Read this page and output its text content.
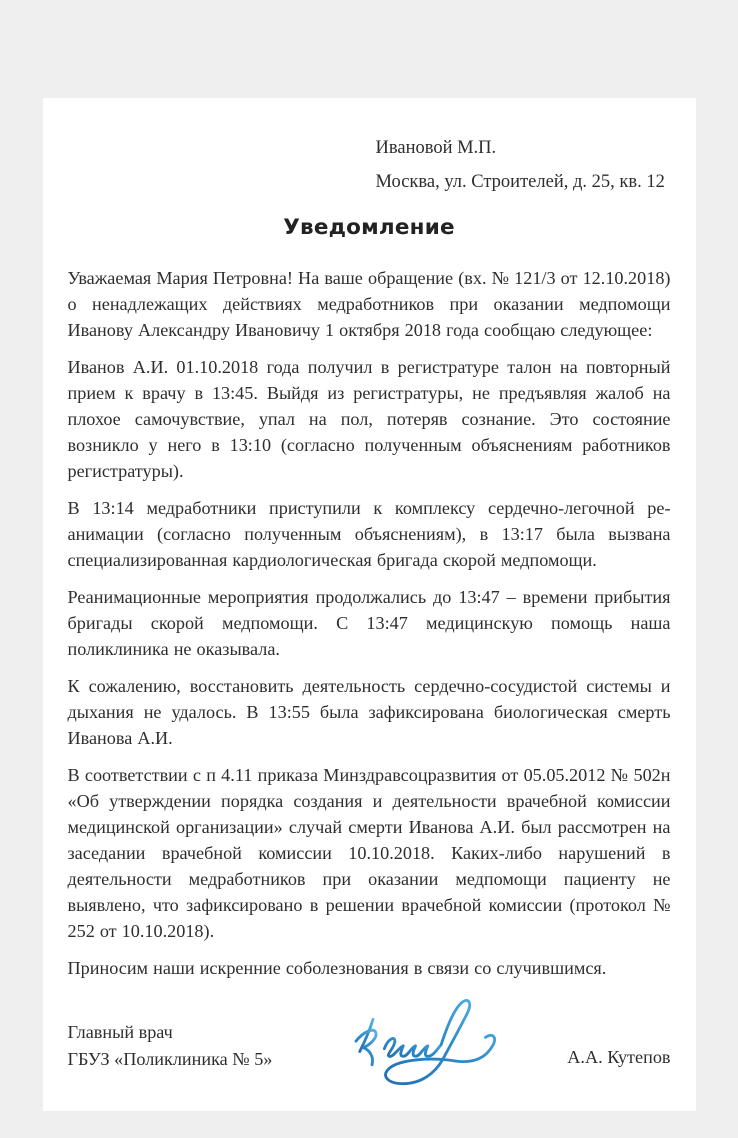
Ивановой М.П.
Москва, ул. Строителей, д. 25, кв. 12
Уведомление

Уважаемая Мария Петровна! На ваше обращение (вх. № 121/3 от 12.10.2018) о ненадлежащих действиях медработников при оказании медпомощи Иванову Александру Ивановичу 1 октября 2018 года сообщаю следующее:

Иванов А.И. 01.10.2018 года получил в регистратуре талон на повторный прием к врачу в 13:45. Выйдя из регистратуры, не предъявляя жалоб на плохое самочувствие, упал на пол, потеряв сознание. Это состояние возникло у него в 13:10 (согласно полученным объяснениям работников регистратуры).

В 13:14 медработники приступили к комплексу сердечно-легочной реанимации (согласно полученным объяснениям), в 13:17 была вызвана специализированная кардиологическая бригада скорой медпомощи.

Реанимационные мероприятия продолжались до 13:47 – времени прибытия бригады скорой медпомощи. С 13:47 медицинскую помощь наша поликлиника не оказывала.

К сожалению, восстановить деятельность сердечно-сосудистой системы и дыхания не удалось. В 13:55 была зафиксирована биологическая смерть Иванова А.И.

В соответствии с п 4.11 приказа Минздравсоцразвития от 05.05.2012 № 502н «Об утверждении порядка создания и деятельности врачебной комиссии медицинской организации» случай смерти Иванова А.И. был рассмотрен на заседании врачебной комиссии 10.10.2018. Каких-либо нарушений в деятельности медработников при оказании медпомощи пациенту не выявлено, что зафиксировано в решении врачебной комиссии (протокол № 252 от 10.10.2018).

Приносим наши искренние соболезнования в связи со случившимся.

Главный врач
ГБУЗ «Поликлиника № 5»	А.А. Кутепов
